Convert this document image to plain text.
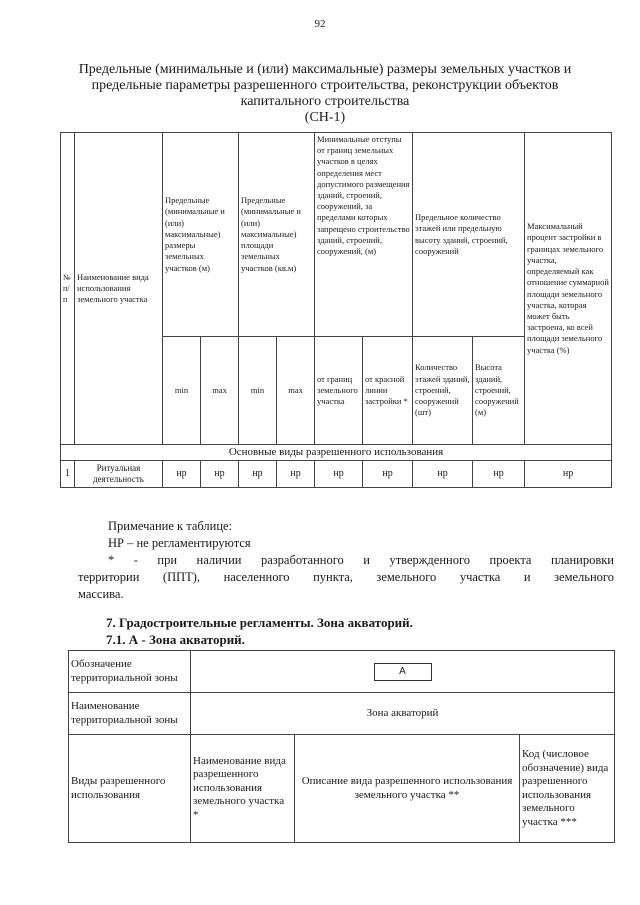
92
Предельные (минимальные и (или) максимальные) размеры земельных участков и
предельные параметры разрешенного строительства, реконструкции объектов
капитального строительства
(СН-1)
№ п/п	Наименование вида использования земельного участка	Предельные (минимальные и (или) максимальные) размеры земельных участков (м)		Предельные (минимальные и (или) максимальные) площади земельных участков (кв.м)		Минимальные отступы от границ земельных участков в целях определения мест допустимого размещения зданий, строений, сооружений, за пределами которых запрещено строительство зданий, строений, сооружений, (м)		Предельное количество этажей или предельную высоту зданий, строений, сооружений		Максимальный процент застройки в границах земельного участка, определяемый как отношение суммарной площади земельного участка, которая может быть застроена, ко всей площади земельного участка (%)
		min	max	min	max	от границ земельного участка	от красной линии застройки *	Количество этажей зданий, строений, сооружений (шт)	Высота зданий, строений, сооружений (м)	
Основные виды разрешенного использования										
1	Ритуальная деятельность	нр	нр	нр	нр	нр	нр	нр	нр	нр
Примечание к таблице:
НР – не регламентируются
* - при наличии разработанного и утвержденного проекта планировки
территории (ППТ), населенного пункта, земельного участка и земельного
массива.
7. Градостроительные регламенты. Зона акваторий.
7.1. А - Зона акваторий.
Обозначение территориальной зоны	А		
Наименование территориальной зоны	Зона акваторий		
Виды разрешенного использования	Наименование вида разрешенного использования земельного участка *	Описание вида разрешенного использования земельного участка **	Код (числовое обозначение) вида разрешенного использования земельного участка ***
